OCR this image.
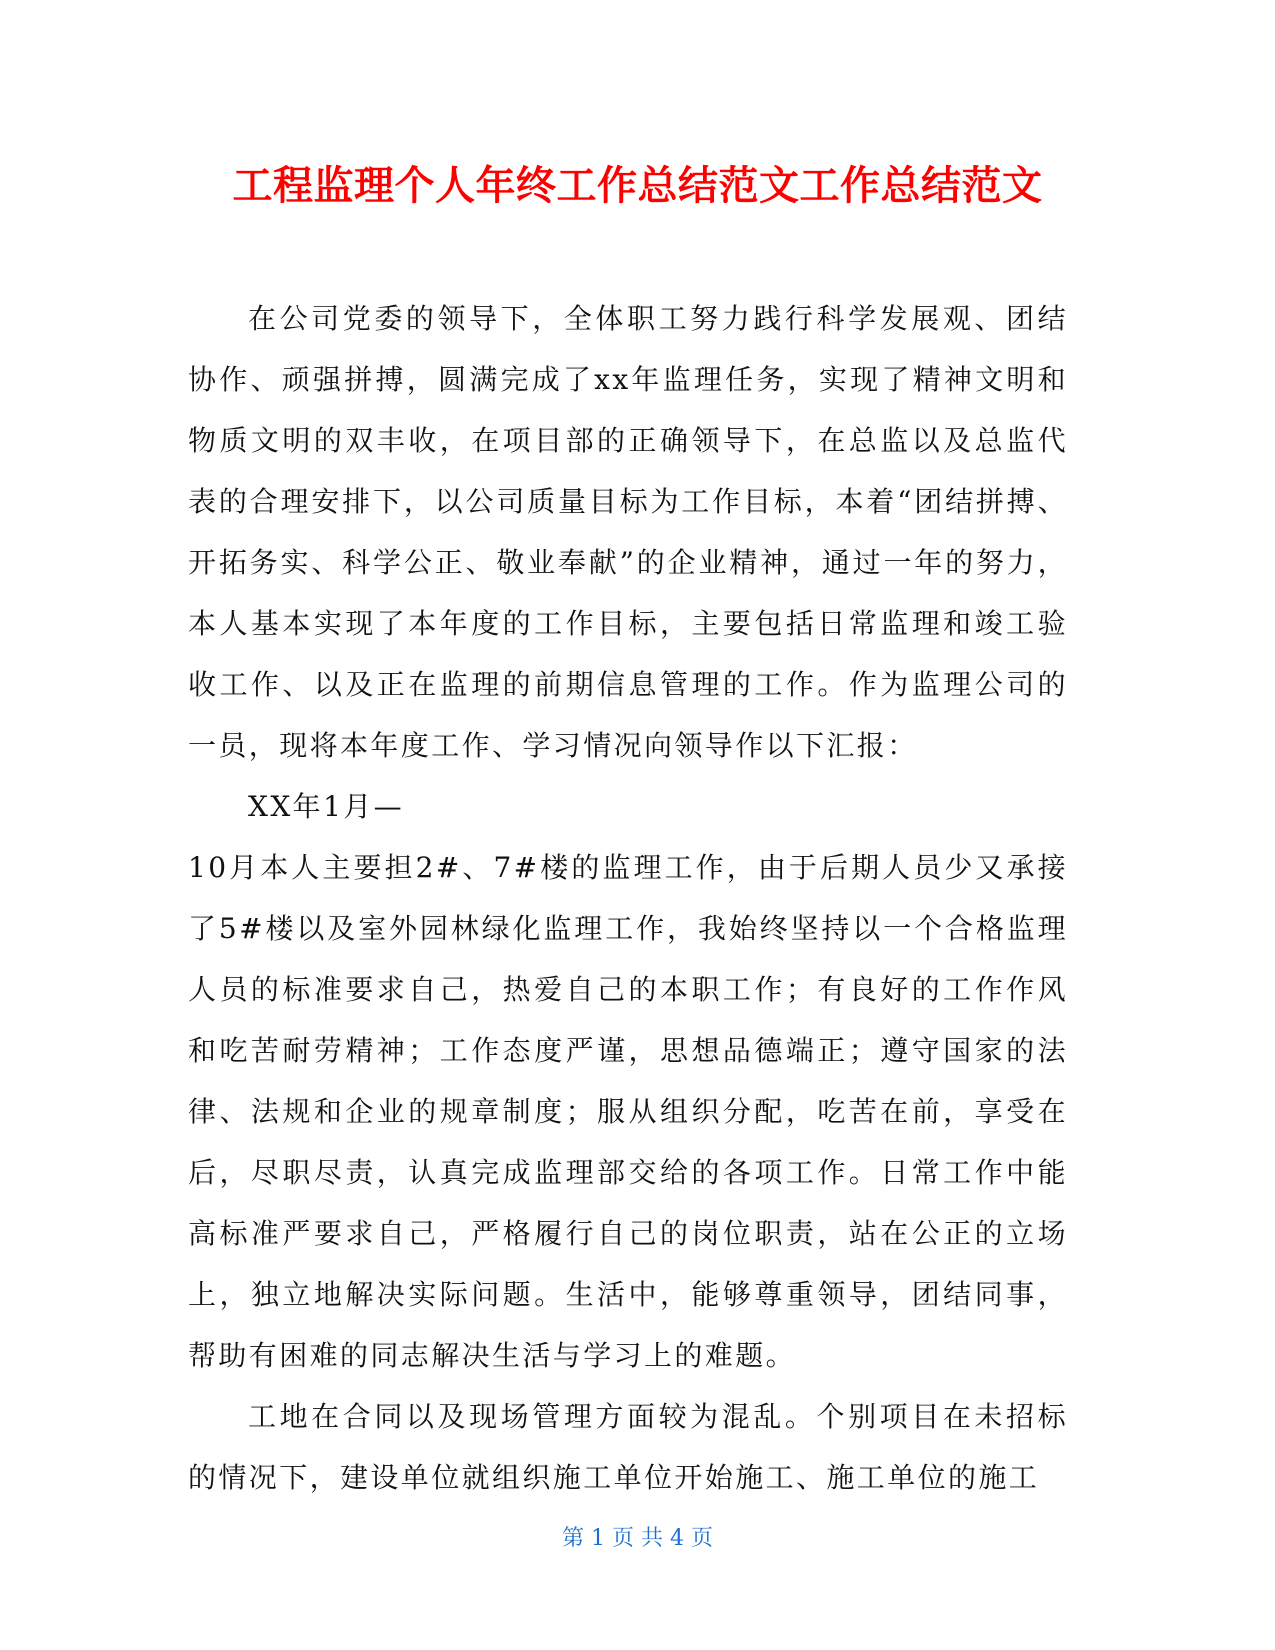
工程监理个人年终工作总结范文工作总结范文

在公司党委的领导下，全体职工努力践行科学发展观、团结协作、顽强拼搏，圆满完成了xx年监理任务，实现了精神文明和物质文明的双丰收，在项目部的正确领导下，在总监以及总监代表的合理安排下，以公司质量目标为工作目标，本着“团结拼搏、开拓务实、科学公正、敬业奉献”的企业精神，通过一年的努力，本人基本实现了本年度的工作目标，主要包括日常监理和竣工验收工作、以及正在监理的前期信息管理的工作。作为监理公司的一员，现将本年度工作、学习情况向领导作以下汇报：

XX年1月—

10月本人主要担2#、7#楼的监理工作，由于后期人员少又承接了5#楼以及室外园林绿化监理工作，我始终坚持以一个合格监理人员的标准要求自己，热爱自己的本职工作；有良好的工作作风和吃苦耐劳精神；工作态度严谨，思想品德端正；遵守国家的法律、法规和企业的规章制度；服从组织分配，吃苦在前，享受在后，尽职尽责，认真完成监理部交给的各项工作。日常工作中能高标准严要求自己，严格履行自己的岗位职责，站在公正的立场上，独立地解决实际问题。生活中，能够尊重领导，团结同事，帮助有困难的同志解决生活与学习上的难题。

工地在合同以及现场管理方面较为混乱。个别项目在未招标的情况下，建设单位就组织施工单位开始施工、施工单位的施工

第 1 页 共 4 页
